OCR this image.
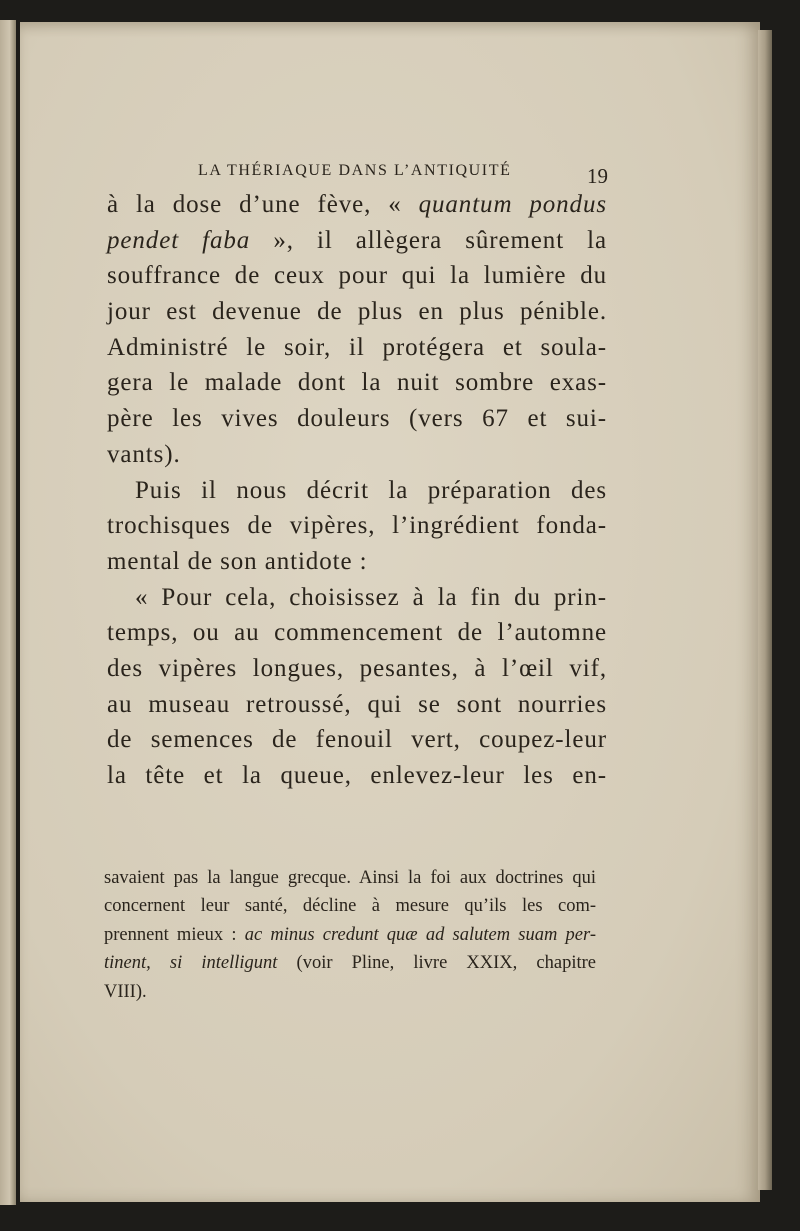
LA THÉRIAQUE DANS L’ANTIQUITÉ	19
à la dose d’une fève, « quantum pondus
pendet faba », il allègera sûrement la
souffrance de ceux pour qui la lumière du
jour est devenue de plus en plus pénible.
Administré le soir, il protégera et soula-
gera le malade dont la nuit sombre exas-
père les vives douleurs (vers 67 et sui-
vants).
Puis il nous décrit la préparation des
trochisques de vipères, l’ingrédient fonda-
mental de son antidote :
« Pour cela, choisissez à la fin du prin-
temps, ou au commencement de l’automne
des vipères longues, pesantes, à l’œil vif,
au museau retroussé, qui se sont nourries
de semences de fenouil vert, coupez-leur
la tête et la queue, enlevez-leur les en-
savaient pas la langue grecque. Ainsi la foi aux doctrines qui
concernent leur santé, décline à mesure qu’ils les com-
prennent mieux : ac minus credunt quæ ad salutem suam per-
tinent, si intelligunt (voir Pline, livre XXIX, chapitre
VIII).
